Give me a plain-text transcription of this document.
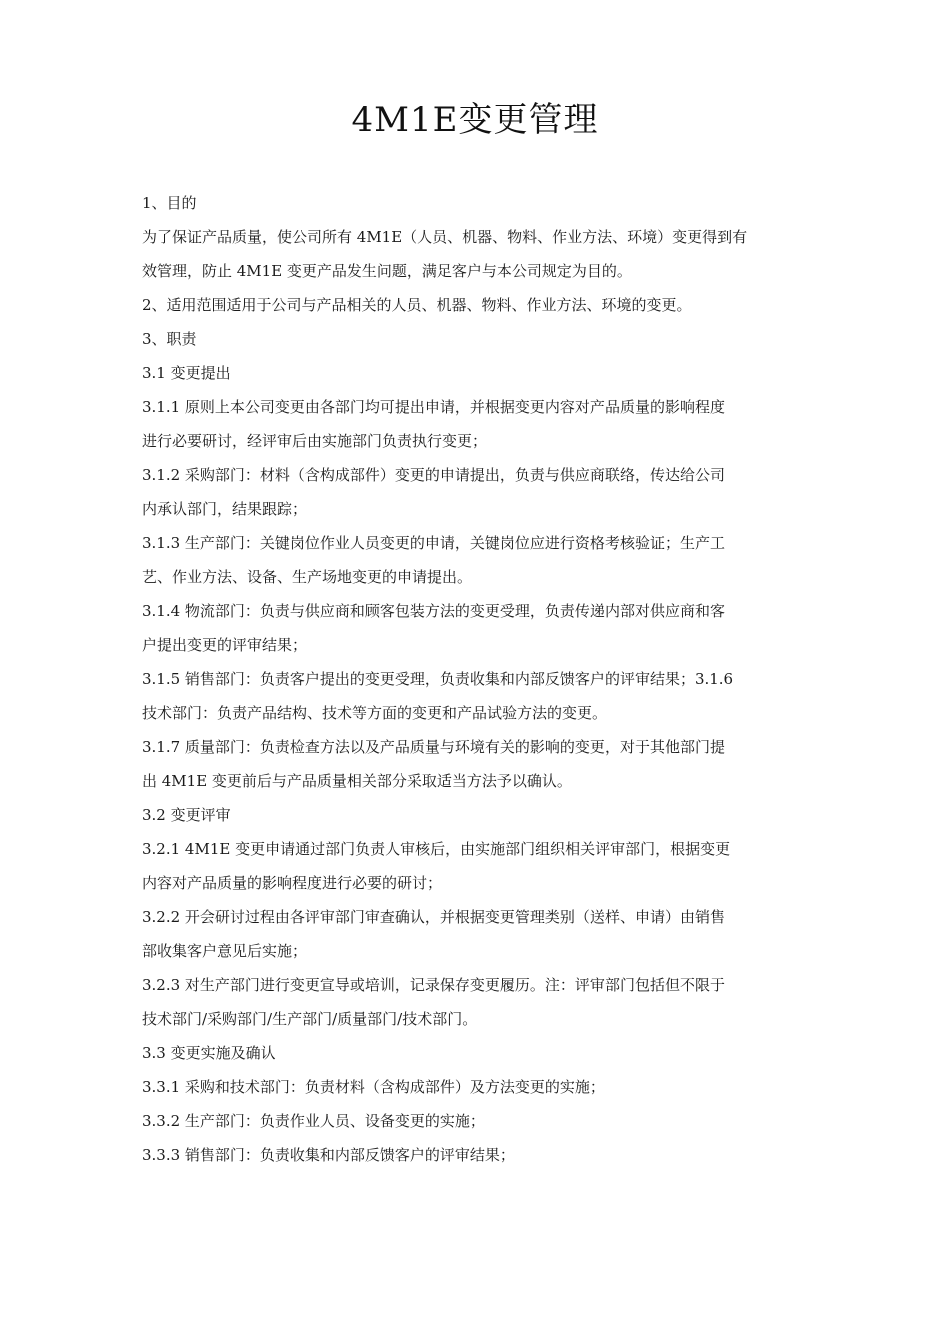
4M1E变更管理

1、目的

为了保证产品质量，使公司所有 4M1E（人员、机器、物料、作业方法、环境）变更得到有

效管理，防止 4M1E 变更产品发生问题，满足客户与本公司规定为目的。

2、适用范围适用于公司与产品相关的人员、机器、物料、作业方法、环境的变更。

3、职责

3.1 变更提出

3.1.1 原则上本公司变更由各部门均可提出申请，并根据变更内容对产品质量的影响程度

进行必要研讨，经评审后由实施部门负责执行变更；

3.1.2 采购部门：材料（含构成部件）变更的申请提出，负责与供应商联络，传达给公司

内承认部门，结果跟踪；

3.1.3 生产部门：关键岗位作业人员变更的申请，关键岗位应进行资格考核验证；生产工

艺、作业方法、设备、生产场地变更的申请提出。

3.1.4 物流部门：负责与供应商和顾客包装方法的变更受理，负责传递内部对供应商和客

户提出变更的评审结果；

3.1.5 销售部门：负责客户提出的变更受理，负责收集和内部反馈客户的评审结果；3.1.6

技术部门：负责产品结构、技术等方面的变更和产品试验方法的变更。

3.1.7 质量部门：负责检查方法以及产品质量与环境有关的影响的变更，对于其他部门提

出 4M1E 变更前后与产品质量相关部分采取适当方法予以确认。

3.2 变更评审

3.2.1 4M1E 变更申请通过部门负责人审核后，由实施部门组织相关评审部门，根据变更

内容对产品质量的影响程度进行必要的研讨；

3.2.2 开会研讨过程由各评审部门审查确认，并根据变更管理类别（送样、申请）由销售

部收集客户意见后实施；

3.2.3 对生产部门进行变更宣导或培训，记录保存变更履历。注：评审部门包括但不限于

技术部门/采购部门/生产部门/质量部门/技术部门。

3.3 变更实施及确认

3.3.1 采购和技术部门：负责材料（含构成部件）及方法变更的实施；

3.3.2 生产部门：负责作业人员、设备变更的实施；

3.3.3 销售部门：负责收集和内部反馈客户的评审结果；
